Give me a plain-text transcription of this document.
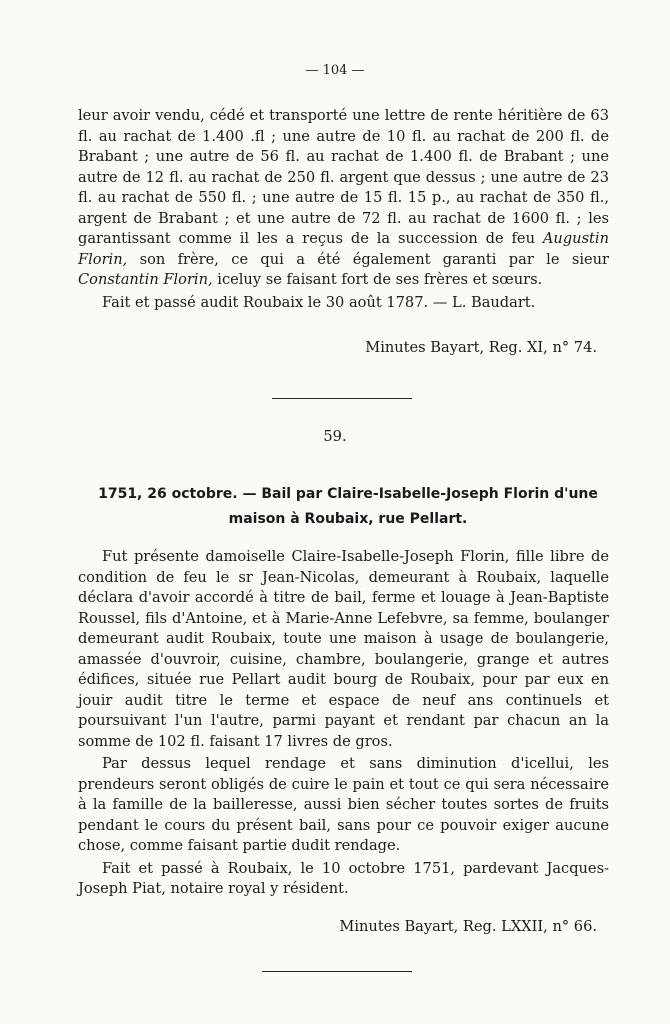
— 104 —

leur avoir vendu, cédé et transporté une lettre de rente héritière de 63 fl. au rachat de 1.400 .fl ; une autre de 10 fl. au rachat de 200 fl. de Brabant ; une autre de 56 fl. au rachat de 1.400 fl. de Brabant ; une autre de 12 fl. au rachat de 250 fl. argent que dessus ; une autre de 23 fl. au rachat de 550 fl. ; une autre de 15 fl. 15 p., au rachat de 350 fl., argent de Brabant ; et une autre de 72 fl. au rachat de 1600 fl. ; les garantissant comme il les a reçus de la succession de feu Augustin Florin, son frère, ce qui a été également garanti par le sieur Constantin Florin, iceluy se faisant fort de ses frères et sœurs.

Fait et passé audit Roubaix le 30 août 1787. — L. Baudart.

Minutes Bayart, Reg. XI, n° 74.
59.
1751, 26 octobre. — Bail par Claire-Isabelle-Joseph Florin d'une maison à Roubaix, rue Pellart.

Fut présente damoiselle Claire-Isabelle-Joseph Florin, fille libre de condition de feu le sr Jean-Nicolas, demeurant à Roubaix, laquelle déclara d'avoir accordé à titre de bail, ferme et louage à Jean-Baptiste Roussel, fils d'Antoine, et à Marie-Anne Lefebvre, sa femme, boulanger demeurant audit Roubaix, toute une maison à usage de boulangerie, amassée d'ouvroir, cuisine, chambre, boulangerie, grange et autres édifices, située rue Pellart audit bourg de Roubaix, pour par eux en jouir audit titre le terme et espace de neuf ans continuels et poursuivant l'un l'autre, parmi payant et rendant par chacun an la somme de 102 fl. faisant 17 livres de gros.

Par dessus lequel rendage et sans diminution d'icellui, les prendeurs seront obligés de cuire le pain et tout ce qui sera nécessaire à la famille de la bailleresse, aussi bien sécher toutes sortes de fruits pendant le cours du présent bail, sans pour ce pouvoir exiger aucune chose, comme faisant partie dudit rendage.

Fait et passé à Roubaix, le 10 octobre 1751, pardevant Jacques-Joseph Piat, notaire royal y résident.

Minutes Bayart, Reg. LXXII, n° 66.
